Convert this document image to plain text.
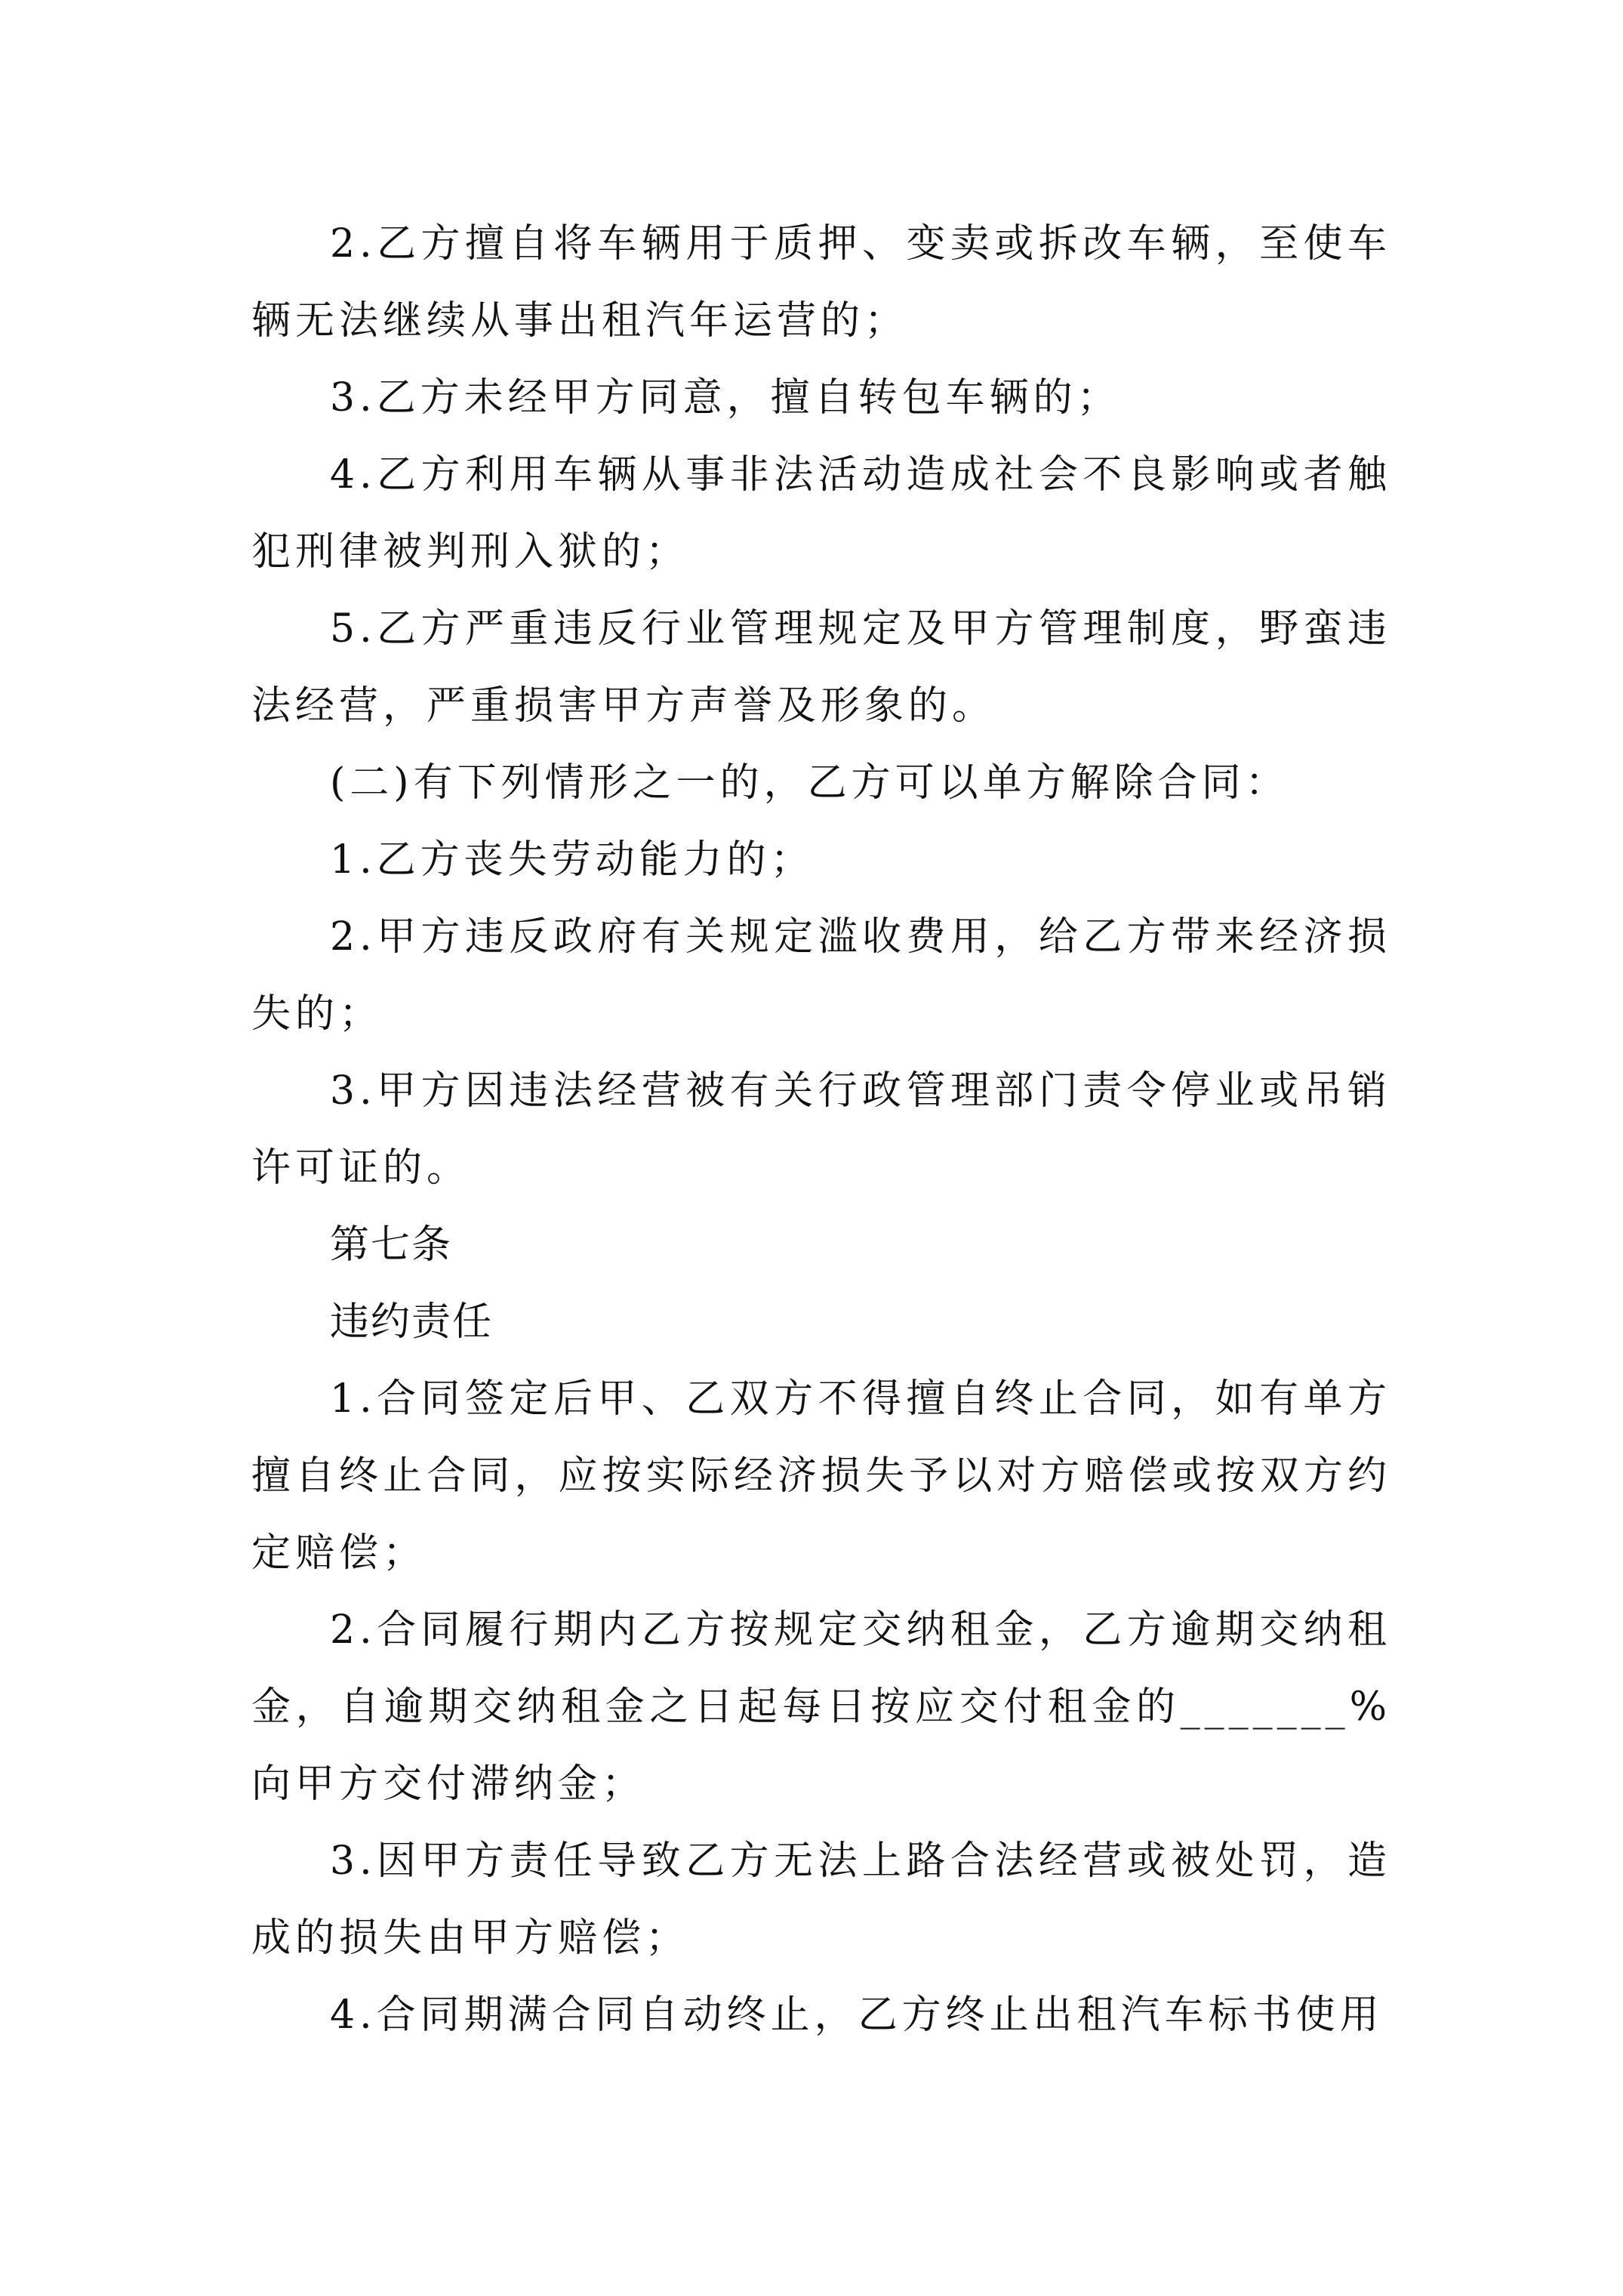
2.乙方擅自将车辆用于质押、变卖或拆改车辆，至使车辆无法继续从事出租汽年运营的；

3.乙方未经甲方同意，擅自转包车辆的；

4.乙方利用车辆从事非法活动造成社会不良影响或者触犯刑律被判刑入狱的；

5.乙方严重违反行业管理规定及甲方管理制度，野蛮违法经营，严重损害甲方声誉及形象的。

(二)有下列情形之一的，乙方可以单方解除合同：

1.乙方丧失劳动能力的；

2.甲方违反政府有关规定滥收费用，给乙方带来经济损失的；

3.甲方因违法经营被有关行政管理部门责令停业或吊销许可证的。

第七条

违约责任

1.合同签定后甲、乙双方不得擅自终止合同，如有单方擅自终止合同，应按实际经济损失予以对方赔偿或按双方约定赔偿；

2.合同履行期内乙方按规定交纳租金，乙方逾期交纳租金，自逾期交纳租金之日起每日按应交付租金的_______%向甲方交付滞纳金；

3.因甲方责任导致乙方无法上路合法经营或被处罚，造成的损失由甲方赔偿；

4.合同期满合同自动终止，乙方终止出租汽车标书使用
